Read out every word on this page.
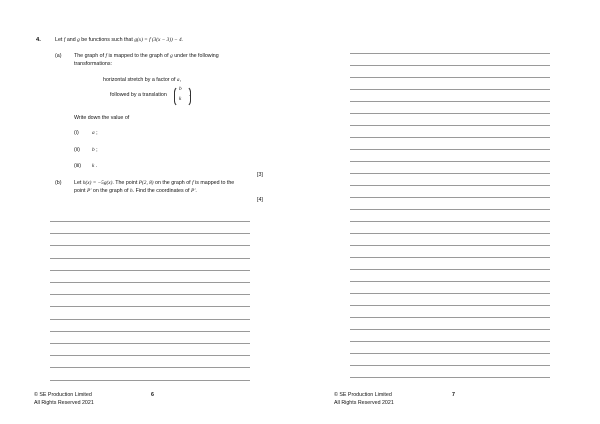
4.	Let f and g be functions such that g(x) = f (3(x − 3)) − 4.
(a) The graph of f is mapped to the graph of g under the following
transformations:
horizontal stretch by a factor of a,
followed by a translation
b
k
.
Write down the value of
(i)	a ;
(ii) b ;
(iii) k .
[3]
(b) Let h(x) = −5g(x). The point P(2, 8) on the graph of f is mapped to the
point P′ on the graph of h. Find the coordinates of P′.
[4]
© SE Production Limited
All Rights Reserved 2021
6	© SE Production Limited
All Rights Reserved 2021
7
